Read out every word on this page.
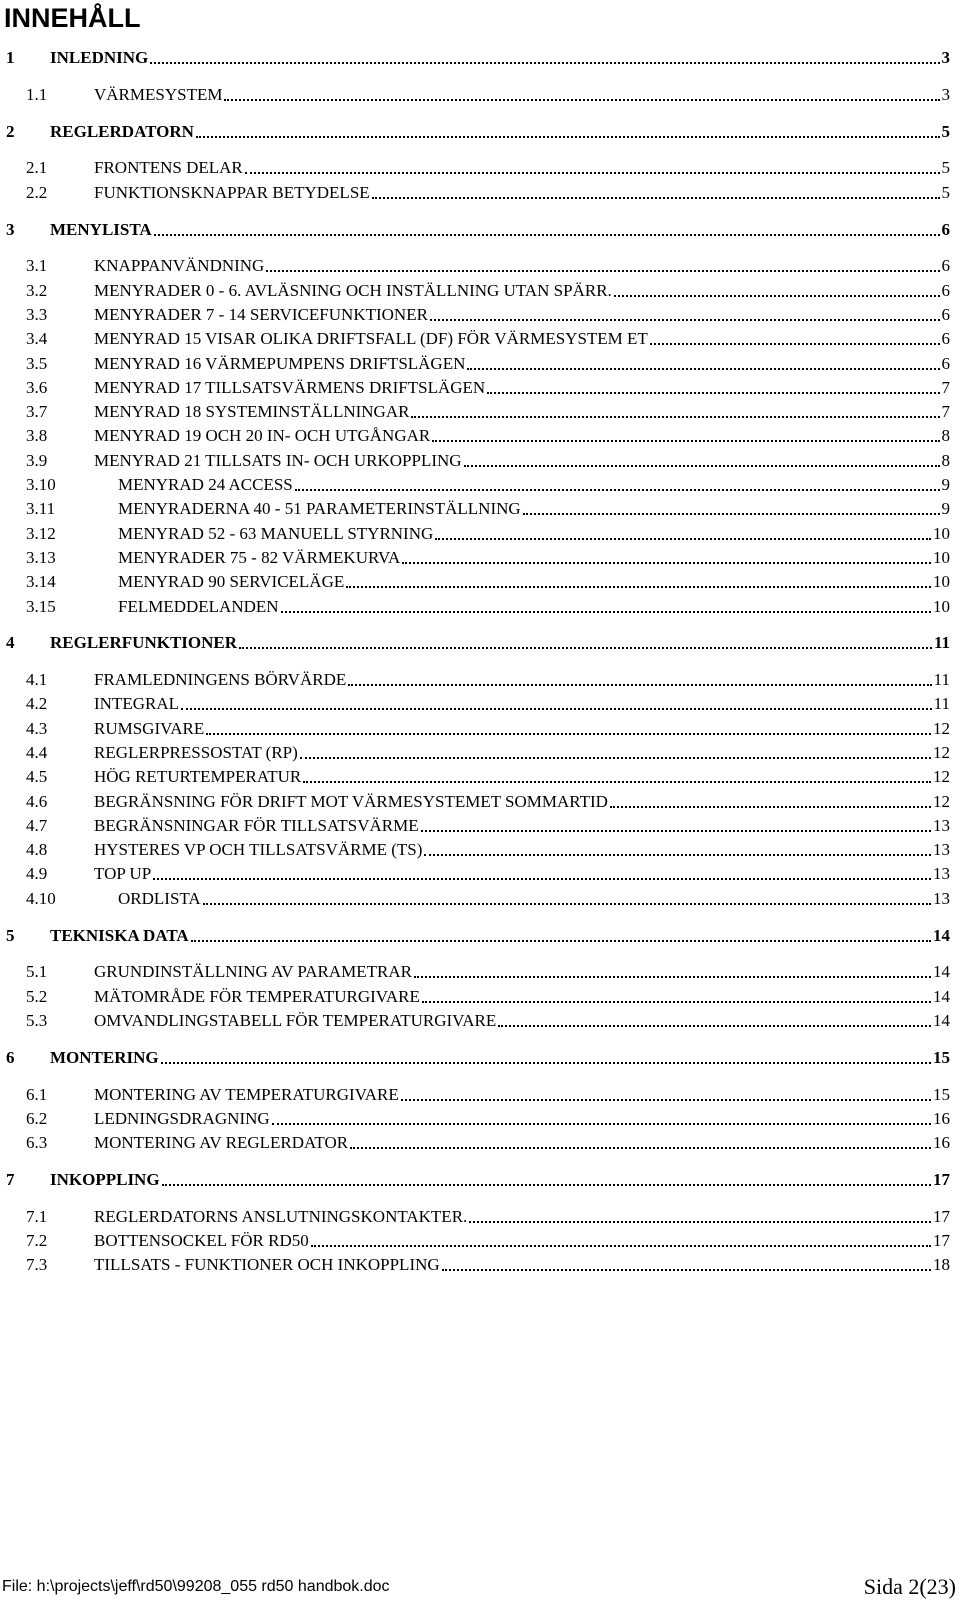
INNEHÅLL
1	INLEDNING	3
1.1	VÄRMESYSTEM	3
2	REGLERDATORN	5
2.1	FRONTENS DELAR	5
2.2	FUNKTIONSKNAPPAR BETYDELSE	5
3	MENYLISTA	6
3.1	KNAPPANVÄNDNING	6
3.2	MENYRADER 0 - 6. AVLÄSNING OCH INSTÄLLNING UTAN SPÄRR.	6
3.3	MENYRADER 7 - 14 SERVICEFUNKTIONER	6
3.4	MENYRAD 15 VISAR OLIKA DRIFTSFALL (DF) FÖR VÄRMESYSTEM ET	6
3.5	MENYRAD 16 VÄRMEPUMPENS DRIFTSLÄGEN	6
3.6	MENYRAD 17 TILLSATSVÄRMENS DRIFTSLÄGEN	7
3.7	MENYRAD 18 SYSTEMINSTÄLLNINGAR	7
3.8	MENYRAD 19 OCH 20 IN- OCH UTGÅNGAR	8
3.9	MENYRAD 21 TILLSATS IN- OCH URKOPPLING	8
3.10	MENYRAD 24 ACCESS	9
3.11	MENYRADERNA 40 - 51 PARAMETERINSTÄLLNING	9
3.12	MENYRAD 52 - 63 MANUELL STYRNING	10
3.13	MENYRADER 75 - 82 VÄRMEKURVA	10
3.14	MENYRAD 90 SERVICELÄGE	10
3.15	FELMEDDELANDEN	10
4	REGLERFUNKTIONER	11
4.1	FRAMLEDNINGENS BÖRVÄRDE	11
4.2	INTEGRAL	11
4.3	RUMSGIVARE	12
4.4	REGLERPRESSOSTAT (RP)	12
4.5	HÖG RETURTEMPERATUR	12
4.6	BEGRÄNSNING FÖR DRIFT MOT VÄRMESYSTEMET SOMMARTID	12
4.7	BEGRÄNSNINGAR FÖR TILLSATSVÄRME	13
4.8	HYSTERES VP OCH TILLSATSVÄRME (TS)	13
4.9	TOP UP	13
4.10	ORDLISTA	13
5	TEKNISKA DATA	14
5.1	GRUNDINSTÄLLNING AV PARAMETRAR	14
5.2	MÄTOMRÅDE FÖR TEMPERATURGIVARE	14
5.3	OMVANDLINGSTABELL FÖR TEMPERATURGIVARE	14
6	MONTERING	15
6.1	MONTERING AV TEMPERATURGIVARE	15
6.2	LEDNINGSDRAGNING	16
6.3	MONTERING AV REGLERDATOR	16
7	INKOPPLING	17
7.1	REGLERDATORNS ANSLUTNINGSKONTAKTER.	17
7.2	BOTTENSOCKEL FÖR RD50	17
7.3	TILLSATS - FUNKTIONER OCH INKOPPLING	18
File: h:\projects\jeff\rd50\99208_055 rd50 handbok.doc	Sida 2(23)
